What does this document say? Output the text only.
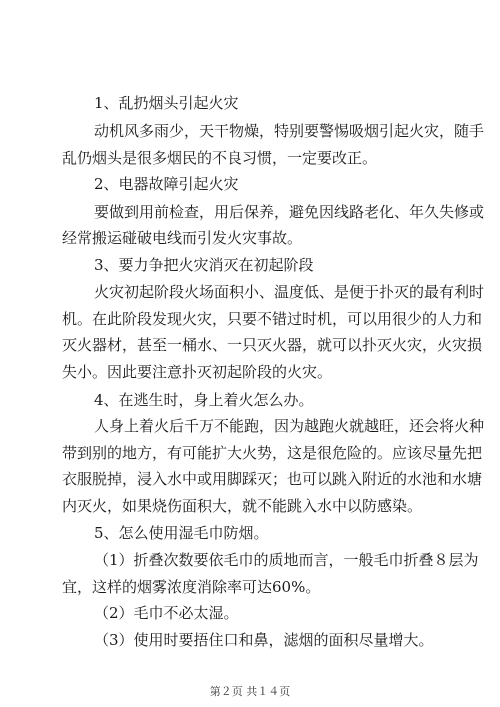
1、乱扔烟头引起火灾
动机风多雨少，天干物燥，特别要警惕吸烟引起火灾，随手
乱仍烟头是很多烟民的不良习惯，一定要改正。
2、电器故障引起火灾
要做到用前检查，用后保养，避免因线路老化、年久失修或
经常搬运碰破电线而引发火灾事故。
3、要力争把火灾消灭在初起阶段
火灾初起阶段火场面积小、温度低、是便于扑灭的最有利时
机。在此阶段发现火灾，只要不错过时机，可以用很少的人力和
灭火器材，甚至一桶水、一只灭火器，就可以扑灭火灾，火灾损
失小。因此要注意扑灭初起阶段的火灾。
4、在逃生时，身上着火怎么办。
人身上着火后千万不能跑，因为越跑火就越旺，还会将火种
带到别的地方，有可能扩大火势，这是很危险的。应该尽量先把
衣服脱掉，浸入水中或用脚踩灭；也可以跳入附近的水池和水塘
内灭火，如果烧伤面积大，就不能跳入水中以防感染。
5、怎么使用湿毛巾防烟。
（1）折叠次数要依毛巾的质地而言，一般毛巾折叠８层为
宜，这样的烟雾浓度消除率可达60%。
（2）毛巾不必太湿。
（3）使用时要捂住口和鼻，滤烟的面积尽量增大。
第２页 共１４页
